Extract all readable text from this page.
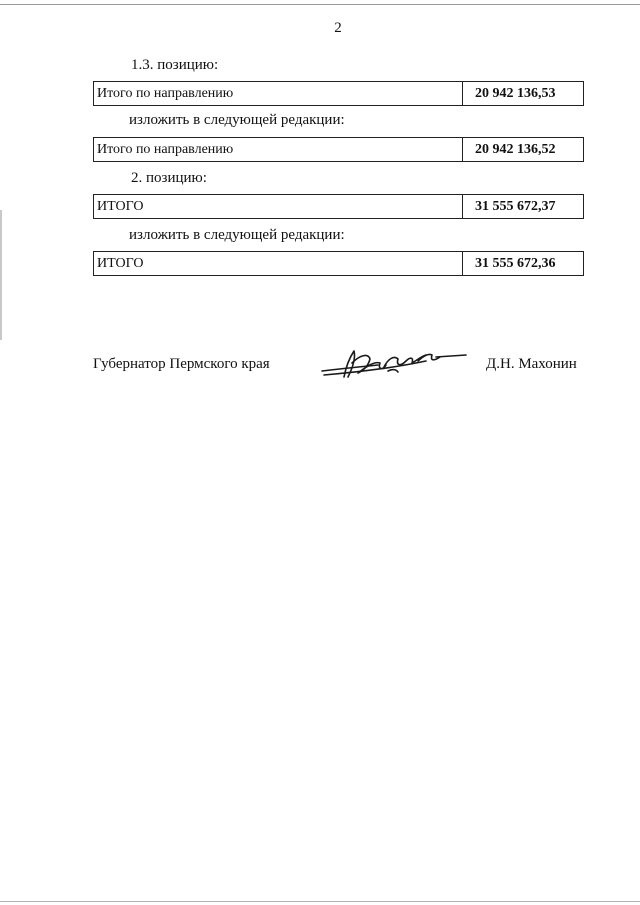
2
1.3. позицию:
Итого по направлению	20 942 136,53
изложить в следующей редакции:
Итого по направлению	20 942 136,52
2. позицию:
ИТОГО	31 555 672,37
изложить в следующей редакции:
ИТОГО	31 555 672,36
Губернатор Пермского края	Д.Н. Махонин
